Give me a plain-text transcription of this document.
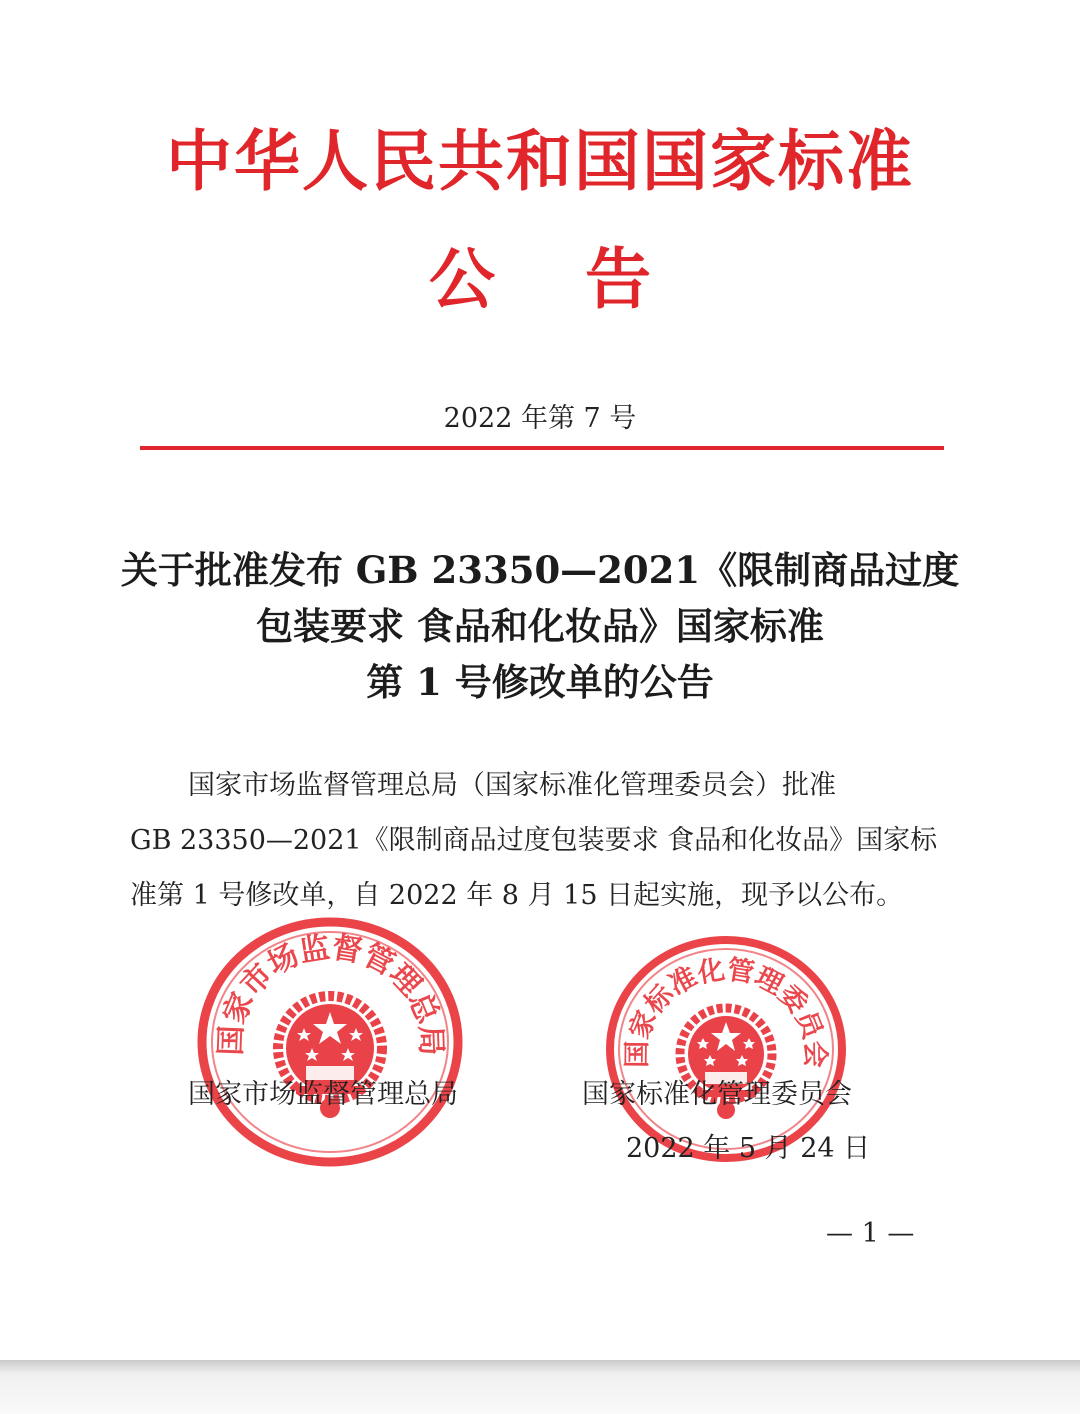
中华人民共和国国家标准
公告
2022 年第 7 号
关于批准发布 GB 23350—2021《限制商品过度
包装要求 食品和化妆品》国家标准
第 1 号修改单的公告
国家市场监督管理总局（国家标准化管理委员会）批准
GB 23350—2021《限制商品过度包装要求 食品和化妆品》国家标
准第 1 号修改单，自 2022 年 8 月 15 日起实施，现予以公布。
国家市场监督管理总局	国家标准化管理委员会
国家市场监督管理总局	国家标准化管理委员会
2022 年 5 月 24 日
— 1 —
